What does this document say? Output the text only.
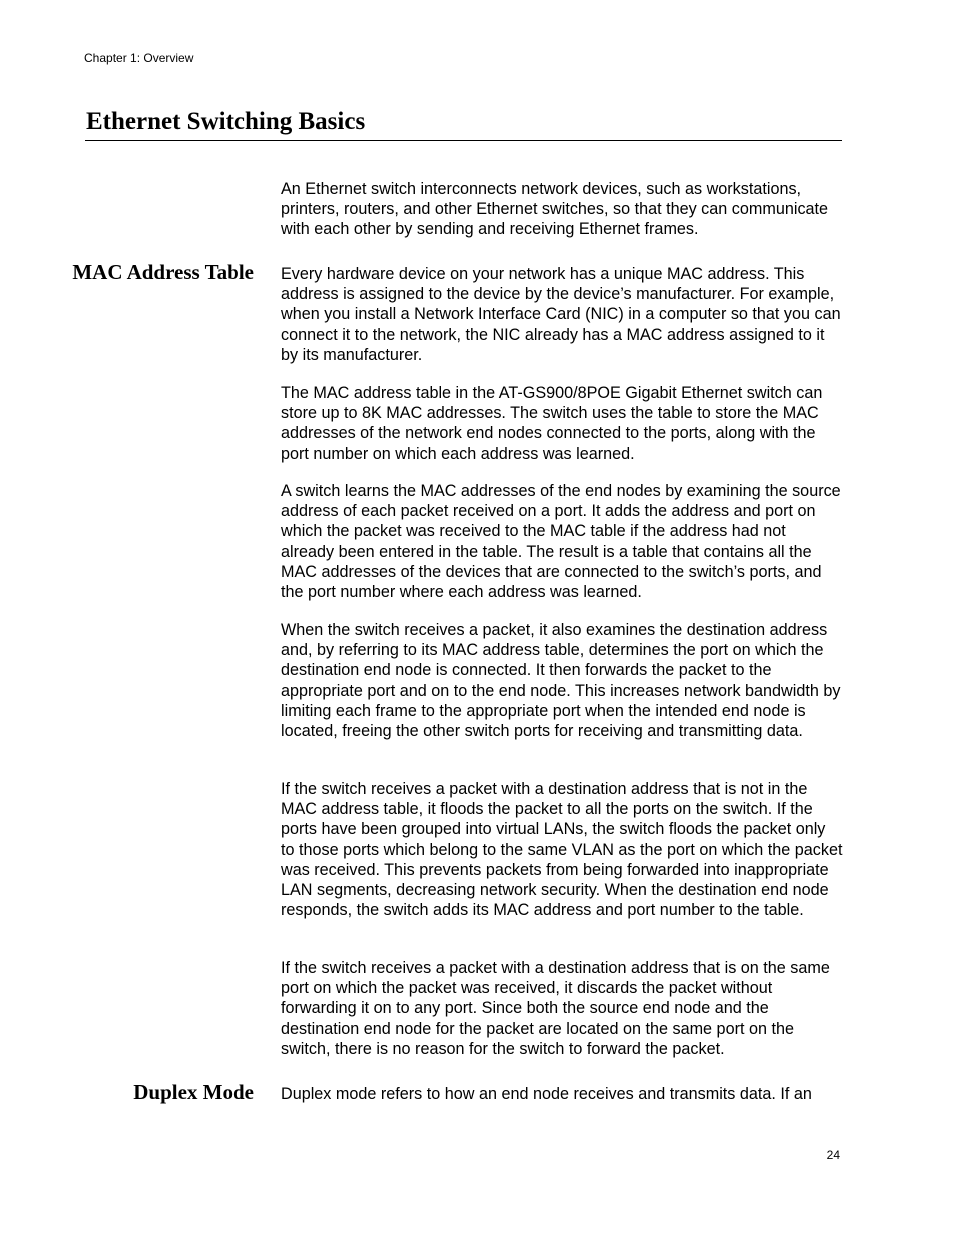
Chapter 1: Overview
Ethernet Switching Basics

An Ethernet switch interconnects network devices, such as workstations, printers, routers, and other Ethernet switches, so that they can communicate with each other by sending and receiving Ethernet frames.

MAC Address Table Every hardware device on your network has a unique MAC address. This address is assigned to the device by the device’s manufacturer. For example, when you install a Network Interface Card (NIC) in a computer so that you can connect it to the network, the NIC already has a MAC address assigned to it by its manufacturer.

The MAC address table in the AT-GS900/8POE Gigabit Ethernet switch can store up to 8K MAC addresses. The switch uses the table to store the MAC addresses of the network end nodes connected to the ports, along with the port number on which each address was learned.

A switch learns the MAC addresses of the end nodes by examining the source address of each packet received on a port. It adds the address and port on which the packet was received to the MAC table if the address had not already been entered in the table. The result is a table that contains all the MAC addresses of the devices that are connected to the switch’s ports, and the port number where each address was learned.

When the switch receives a packet, it also examines the destination address and, by referring to its MAC address table, determines the port on which the destination end node is connected. It then forwards the packet to the appropriate port and on to the end node. This increases network bandwidth by limiting each frame to the appropriate port when the intended end node is located, freeing the other switch ports for receiving and transmitting data.

If the switch receives a packet with a destination address that is not in the MAC address table, it floods the packet to all the ports on the switch. If the ports have been grouped into virtual LANs, the switch floods the packet only to those ports which belong to the same VLAN as the port on which the packet was received. This prevents packets from being forwarded into inappropriate LAN segments, decreasing network security. When the destination end node responds, the switch adds its MAC address and port number to the table.

If the switch receives a packet with a destination address that is on the same port on which the packet was received, it discards the packet without forwarding it on to any port. Since both the source end node and the destination end node for the packet are located on the same port on the switch, there is no reason for the switch to forward the packet.

Duplex Mode Duplex mode refers to how an end node receives and transmits data. If an

24
